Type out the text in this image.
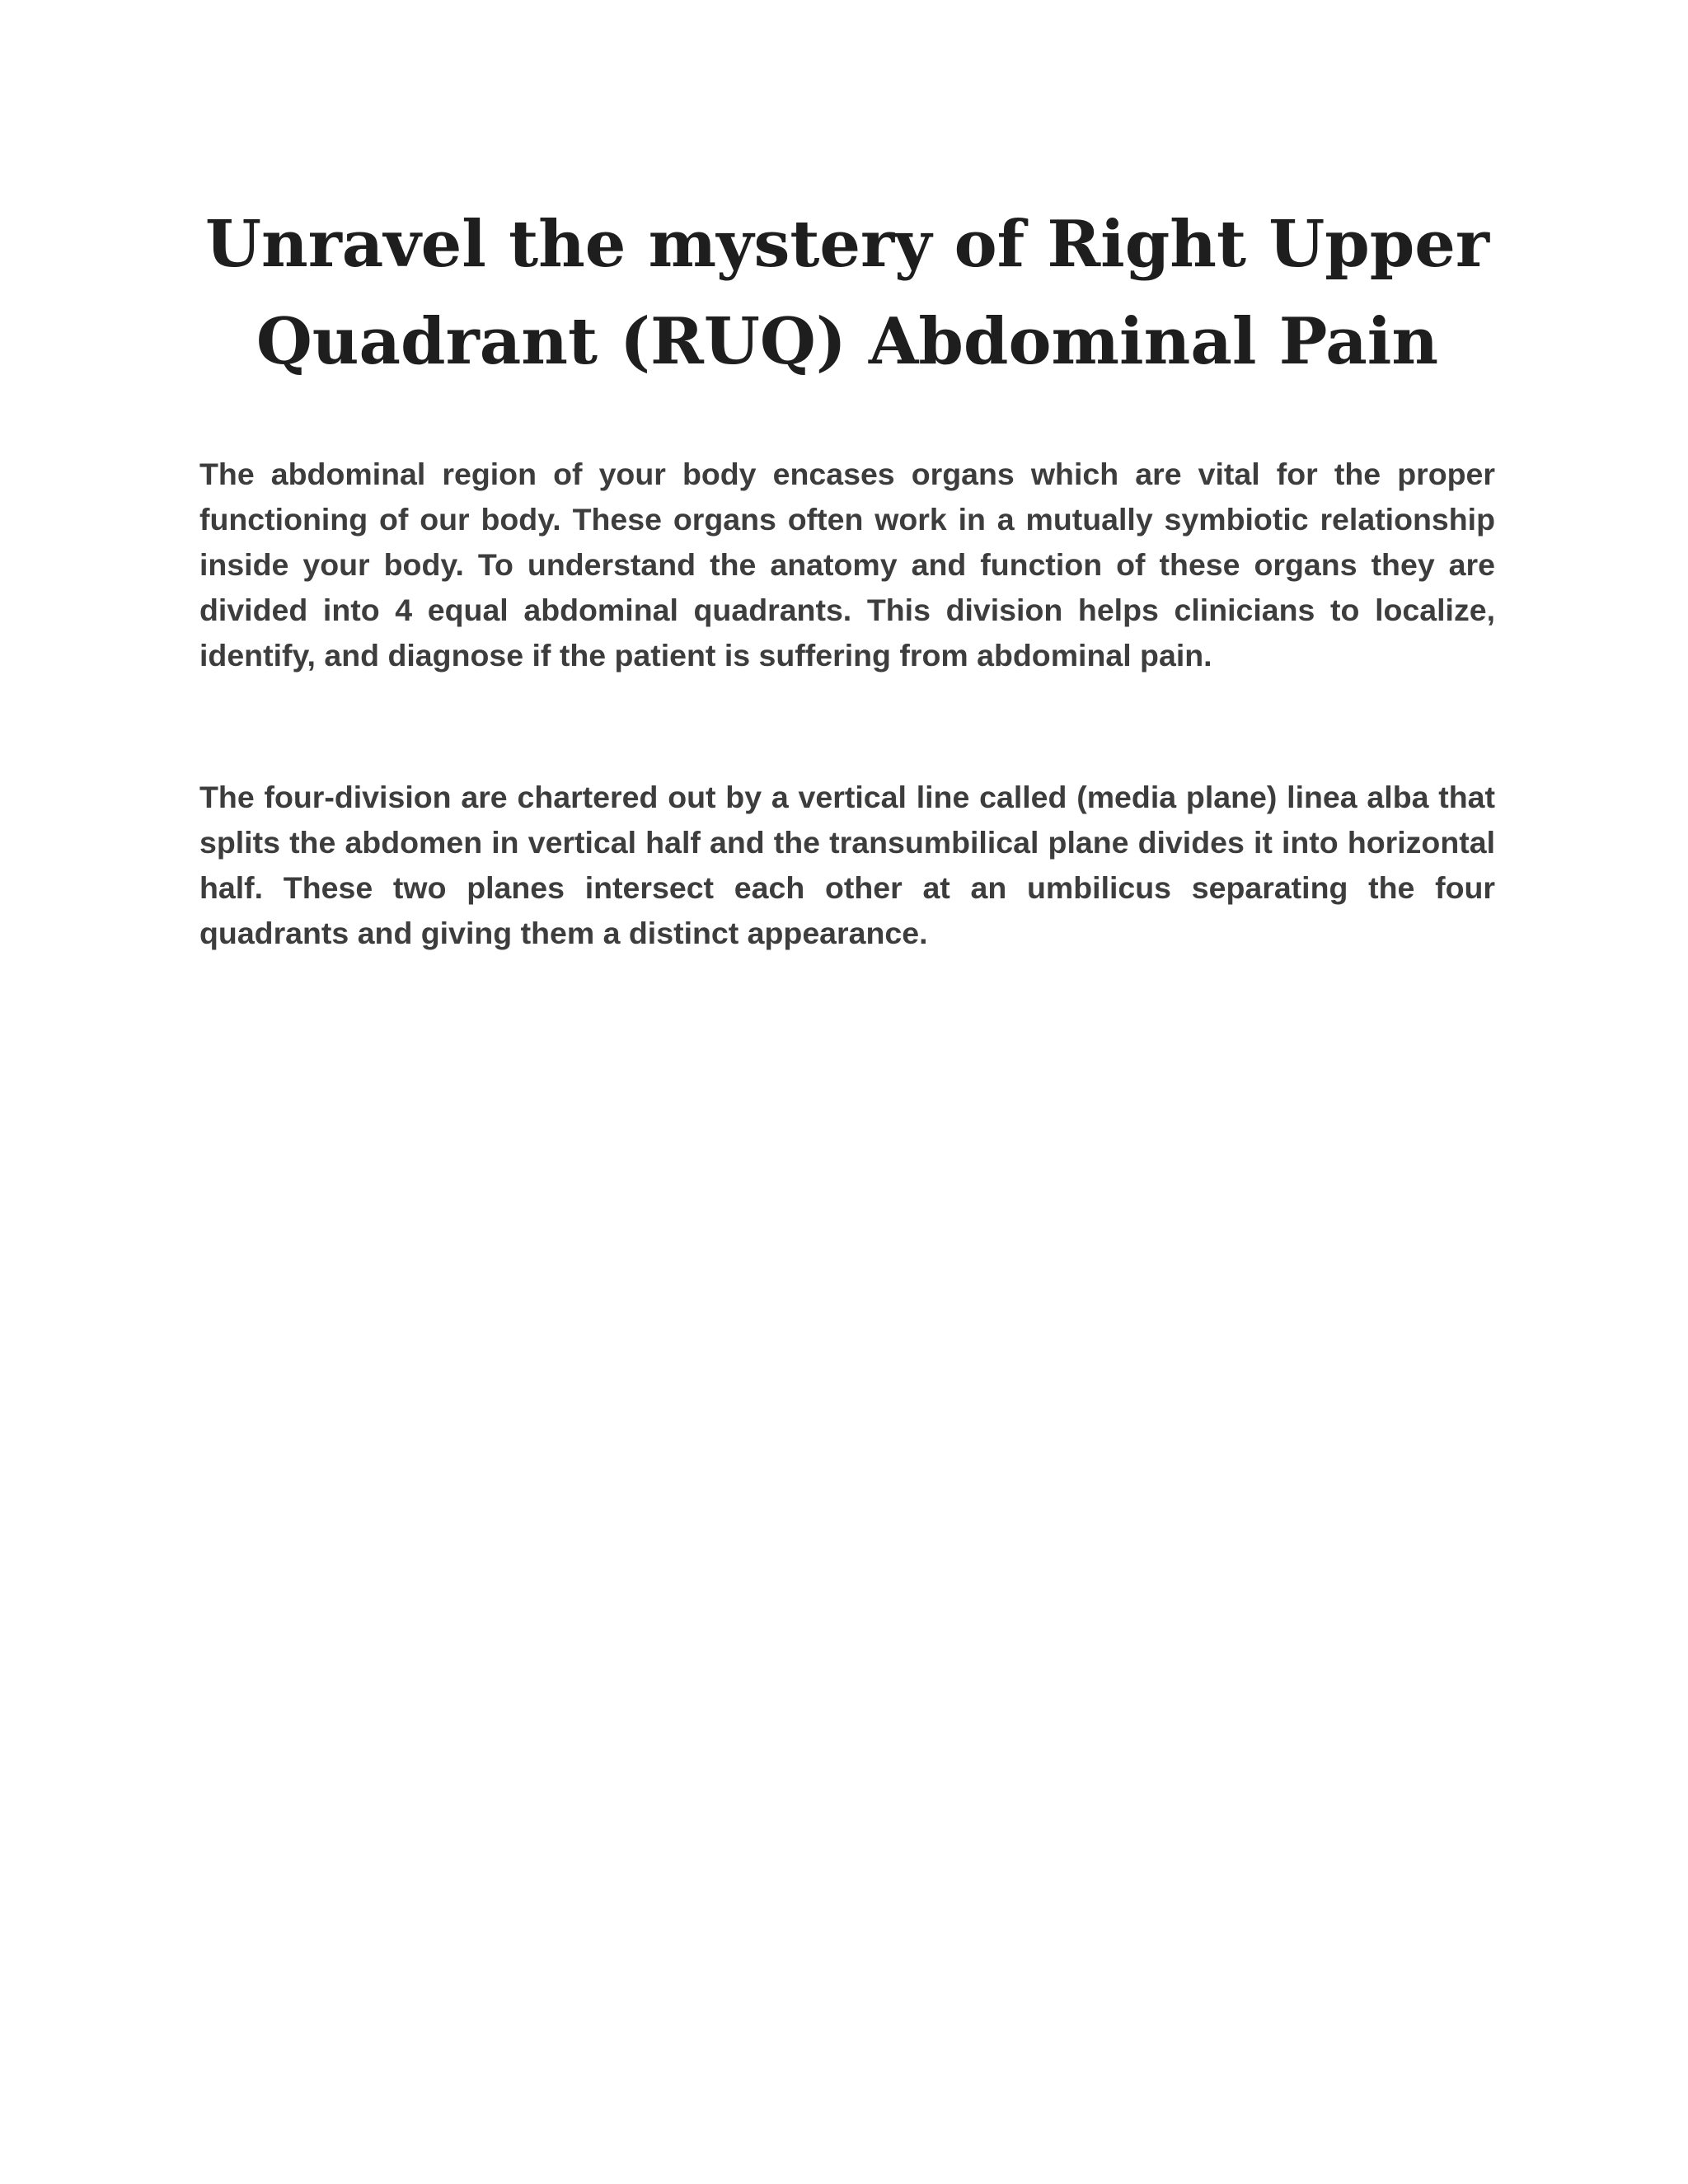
Unravel the mystery of Right Upper
Quadrant (RUQ) Abdominal Pain

The abdominal region of your body encases organs which are vital for the proper functioning of our body. These organs often work in a mutually symbiotic relationship inside your body. To understand the anatomy and function of these organs they are divided into 4 equal abdominal quadrants. This division helps clinicians to localize, identify, and diagnose if the patient is suffering from abdominal pain.

The four-division are chartered out by a vertical line called (media plane) linea alba that splits the abdomen in vertical half and the transumbilical plane divides it into horizontal half. These two planes intersect each other at an umbilicus separating the four quadrants and giving them a distinct appearance.
